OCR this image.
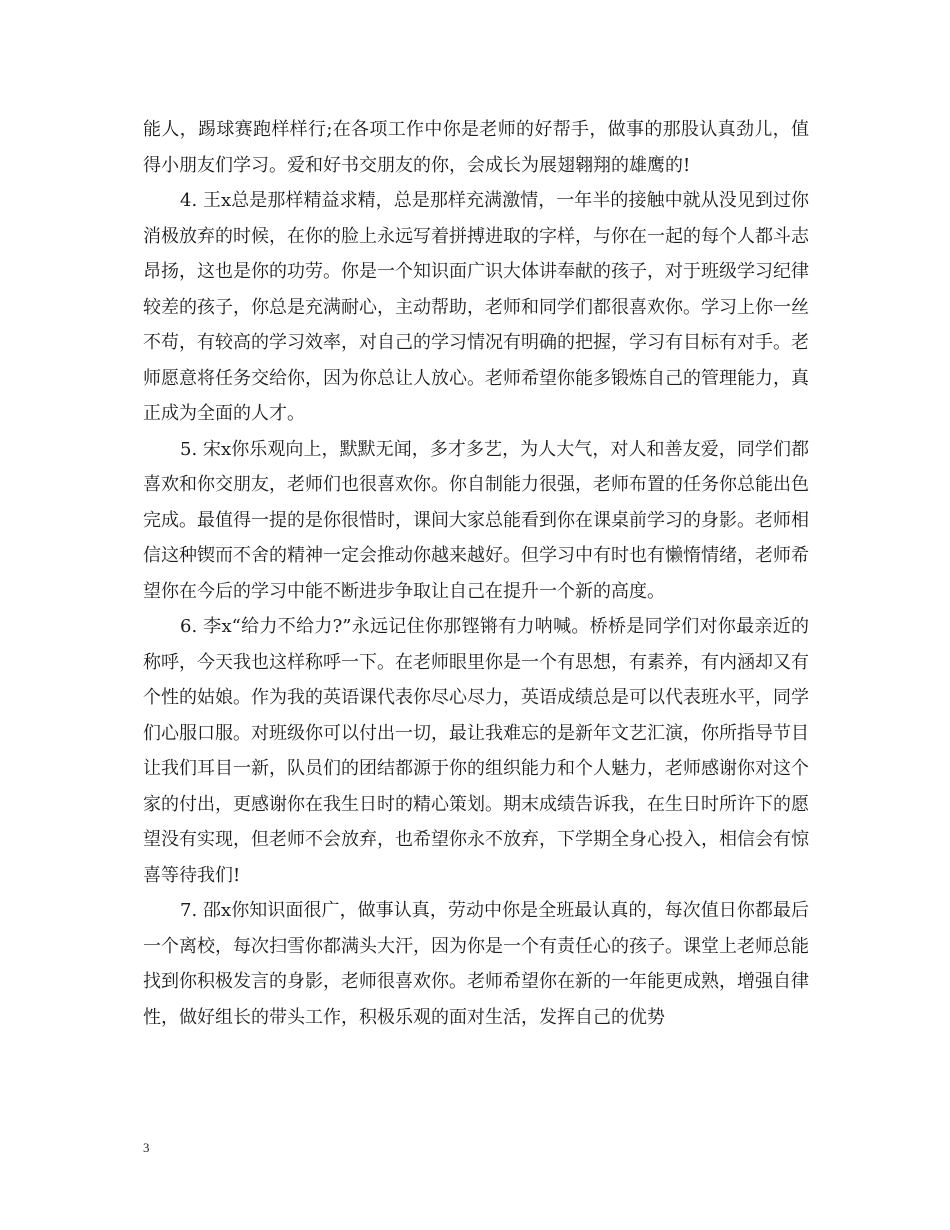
能人，踢球赛跑样样行;在各项工作中你是老师的好帮手，做事的那股认真劲儿，值得小朋友们学习。爱和好书交朋友的你，会成长为展翅翱翔的雄鹰的!

4. 王x总是那样精益求精，总是那样充满激情，一年半的接触中就从没见到过你消极放弃的时候，在你的脸上永远写着拼搏进取的字样，与你在一起的每个人都斗志昂扬，这也是你的功劳。你是一个知识面广识大体讲奉献的孩子，对于班级学习纪律较差的孩子，你总是充满耐心，主动帮助，老师和同学们都很喜欢你。学习上你一丝不苟，有较高的学习效率，对自己的学习情况有明确的把握，学习有目标有对手。老师愿意将任务交给你，因为你总让人放心。老师希望你能多锻炼自己的管理能力，真正成为全面的人才。

5. 宋x你乐观向上，默默无闻，多才多艺，为人大气，对人和善友爱，同学们都喜欢和你交朋友，老师们也很喜欢你。你自制能力很强，老师布置的任务你总能出色完成。最值得一提的是你很惜时，课间大家总能看到你在课桌前学习的身影。老师相信这种锲而不舍的精神一定会推动你越来越好。但学习中有时也有懒惰情绪，老师希望你在今后的学习中能不断进步争取让自己在提升一个新的高度。

6. 李x“给力不给力?”永远记住你那铿锵有力呐喊。桥桥是同学们对你最亲近的称呼，今天我也这样称呼一下。在老师眼里你是一个有思想，有素养，有内涵却又有个性的姑娘。作为我的英语课代表你尽心尽力，英语成绩总是可以代表班水平，同学们心服口服。对班级你可以付出一切，最让我难忘的是新年文艺汇演，你所指导节目让我们耳目一新，队员们的团结都源于你的组织能力和个人魅力，老师感谢你对这个家的付出，更感谢你在我生日时的精心策划。期末成绩告诉我，在生日时所许下的愿望没有实现，但老师不会放弃，也希望你永不放弃，下学期全身心投入，相信会有惊喜等待我们!

7. 邵x你知识面很广，做事认真，劳动中你是全班最认真的，每次值日你都最后一个离校，每次扫雪你都满头大汗，因为你是一个有责任心的孩子。课堂上老师总能找到你积极发言的身影，老师很喜欢你。老师希望你在新的一年能更成熟，增强自律性，做好组长的带头工作，积极乐观的面对生活，发挥自己的优势

3
